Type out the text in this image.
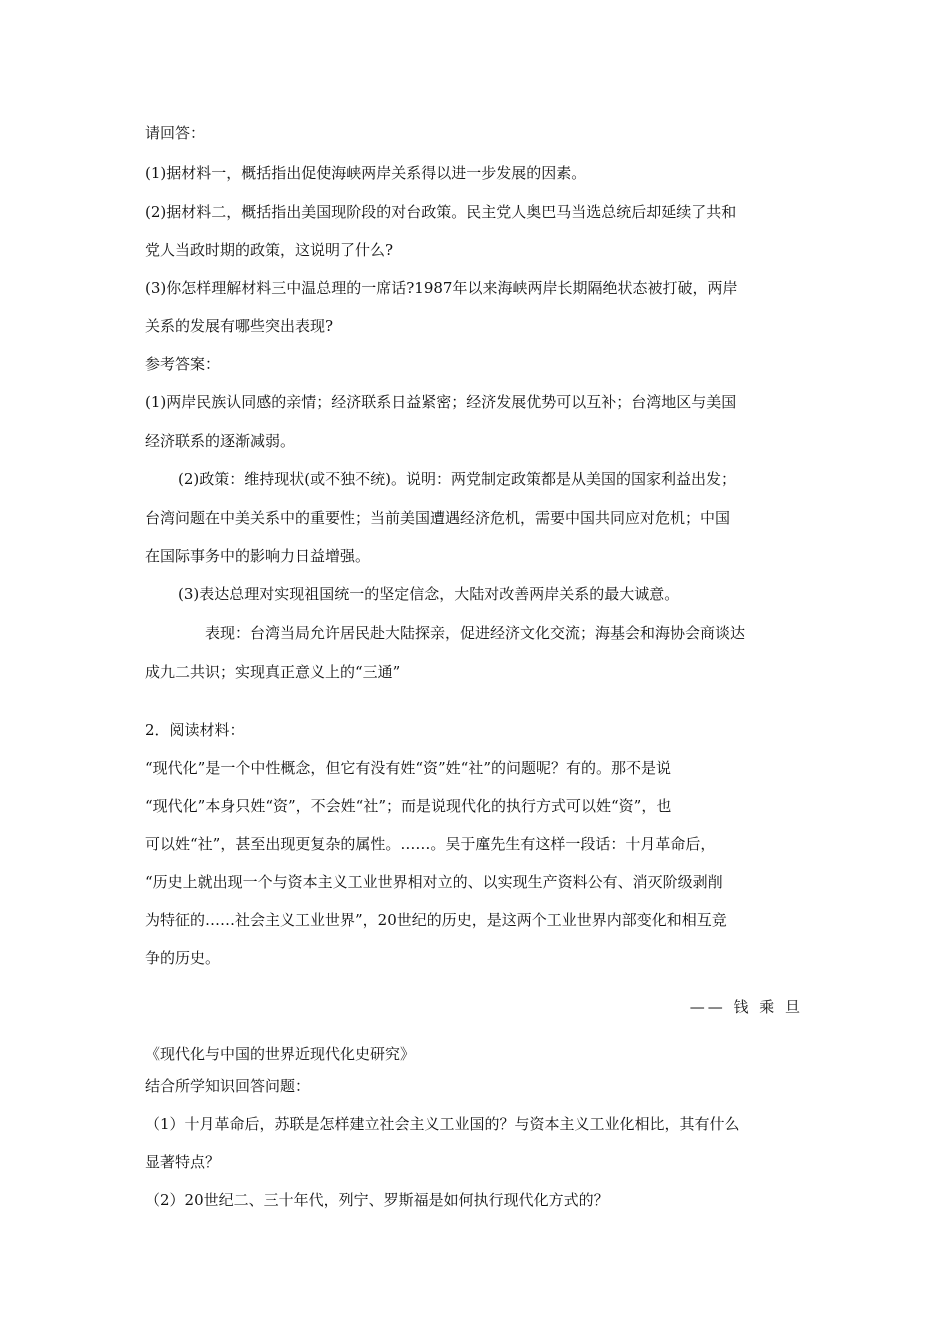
请回答：
(1)据材料一，概括指出促使海峡两岸关系得以进一步发展的因素。
(2)据材料二，概括指出美国现阶段的对台政策。民主党人奥巴马当选总统后却延续了共和
党人当政时期的政策，这说明了什么?
(3)你怎样理解材料三中温总理的一席话?1987年以来海峡两岸长期隔绝状态被打破，两岸
关系的发展有哪些突出表现?
参考答案：
(1)两岸民族认同感的亲情；经济联系日益紧密；经济发展优势可以互补；台湾地区与美国
经济联系的逐渐减弱。
(2)政策：维持现状(或不独不统)。说明：两党制定政策都是从美国的国家利益出发；
台湾问题在中美关系中的重要性；当前美国遭遇经济危机，需要中国共同应对危机；中国
在国际事务中的影响力日益增强。
(3)表达总理对实现祖国统一的坚定信念，大陆对改善两岸关系的最大诚意。
表现：台湾当局允许居民赴大陆探亲，促进经济文化交流；海基会和海协会商谈达
成九二共识；实现真正意义上的“三通”
2．阅读材料：
“现代化”是一个中性概念，但它有没有姓“资”姓“社”的问题呢？有的。那不是说
“现代化”本身只姓“资”，不会姓“社”；而是说现代化的执行方式可以姓“资”，也
可以姓“社”，甚至出现更复杂的属性。……。吴于廑先生有这样一段话：十月革命后，
“历史上就出现一个与资本主义工业世界相对立的、以实现生产资料公有、消灭阶级剥削
为特征的……社会主义工业世界”，20世纪的历史，是这两个工业世界内部变化和相互竞
争的历史。
—— 钱 乘 旦
《现代化与中国的世界近现代化史研究》
结合所学知识回答问题：
（1）十月革命后，苏联是怎样建立社会主义工业国的？与资本主义工业化相比，其有什么
显著特点？
（2）20世纪二、三十年代，列宁、罗斯福是如何执行现代化方式的？
